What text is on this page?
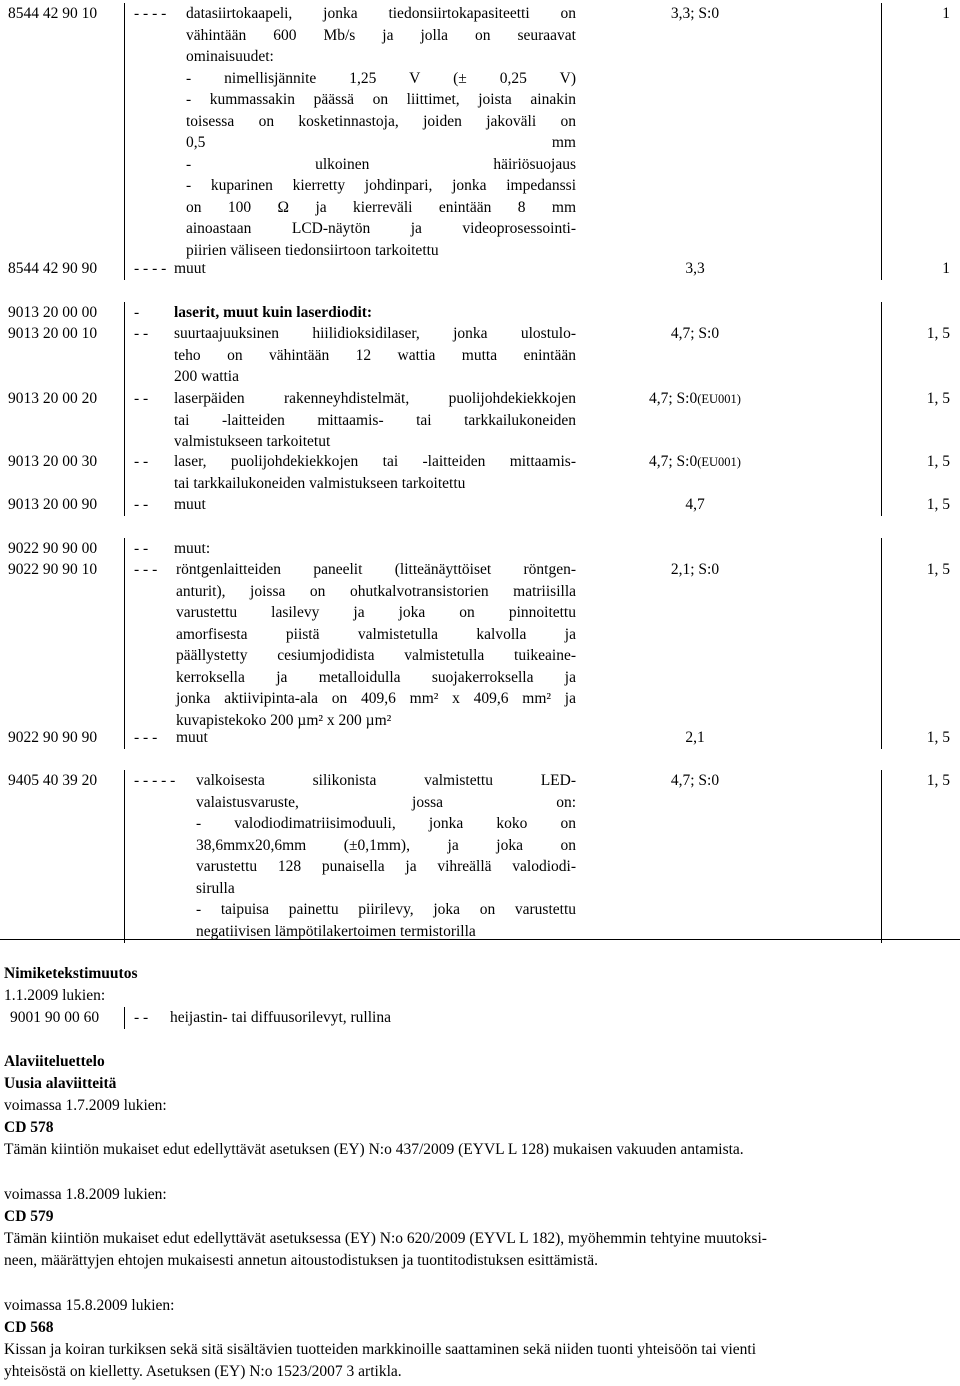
8544 42 90 10	- - - - datasiirtokaapeli, jonka tiedonsiirtokapasiteetti on
vähintään 600 Mb/s ja jolla on seuraavat
ominaisuudet:
- nimellisjännite 1,25 V (± 0,25 V)
- kummassakin päässä on liittimet, joista ainakin
toisessa on kosketinnastoja, joiden jakoväli on
0,5 mm
- ulkoinen häiriösuojaus
- kuparinen kierretty johdinpari, jonka impedanssi
on 100 Ω ja kierreväli enintään 8 mm
ainoastaan LCD-näytön ja videoprosessointi-
piirien väliseen tiedonsiirtoon tarkoitettu
3,3; S:0	1
8544 42 90 90	- - - - muut	3,3	1
9013 20 00 00	- laserit, muut kuin laserdiodit:
9013 20 00 10	- - suurtaajuuksinen hiilidioksidilaser, jonka ulostulo-
teho on vähintään 12 wattia mutta enintään
200 wattia
4,7; S:0	1, 5
9013 20 00 20	- - laserpäiden rakenneyhdistelmät, puolijohdekiekkojen
tai -laitteiden mittaamis- tai tarkkailukoneiden
valmistukseen tarkoitetut
4,7; S:0(EU001)	1, 5
9013 20 00 30	- - laser, puolijohdekiekkojen tai -laitteiden mittaamis-
tai tarkkailukoneiden valmistukseen tarkoitettu
4,7; S:0(EU001)	1, 5
9013 20 00 90	- - muut	4,7	1, 5
9022 90 90 00	- - muut:
9022 90 90 10	- - - röntgenlaitteiden paneelit (litteänäyttöiset röntgen-
anturit), joissa on ohutkalvotransistorien matriisilla
varustettu lasilevy ja joka on pinnoitettu
amorfisesta piistä valmistetulla kalvolla ja
päällystetty cesiumjodidista valmistetulla tuikeaine-
kerroksella ja metalloidulla suojakerroksella ja
jonka aktiivipinta-ala on 409,6 mm² x 409,6 mm² ja
kuvapistekoko 200 µm² x 200 µm²
2,1; S:0	1, 5
9022 90 90 90	- - - muut	2,1	1, 5
9405 40 39 20	- - - - - valkoisesta silikonista valmistettu LED-
valaistusvaruste, jossa on:
- valodiodimatriisimoduuli, jonka koko on
38,6mmx20,6mm (±0,1mm), ja joka on
varustettu 128 punaisella ja vihreällä valodiodi-
sirulla
- taipuisa painettu piirilevy, joka on varustettu
negatiivisen lämpötilakertoimen termistorilla
4,7; S:0	1, 5
Nimiketekstimuutos
1.1.2009 lukien:
9001 90 00 60 - - heijastin- tai diffuusorilevyt, rullina
Alaviiteluettelo
Uusia alaviitteitä
voimassa 1.7.2009 lukien:
CD 578
Tämän kiintiön mukaiset edut edellyttävät asetuksen (EY) N:o 437/2009 (EYVL L 128) mukaisen vakuuden antamista.
voimassa 1.8.2009 lukien:
CD 579
Tämän kiintiön mukaiset edut edellyttävät asetuksessa (EY) N:o 620/2009 (EYVL L 182), myöhemmin tehtyine muutoksi-
neen, määrättyjen ehtojen mukaisesti annetun aitoustodistuksen ja tuontitodistuksen esittämistä.
voimassa 15.8.2009 lukien:
CD 568
Kissan ja koiran turkiksen sekä sitä sisältävien tuotteiden markkinoille saattaminen sekä niiden tuonti yhteisöön tai vienti
yhteisöstä on kielletty. Asetuksen (EY) N:o 1523/2007 3 artikla.
